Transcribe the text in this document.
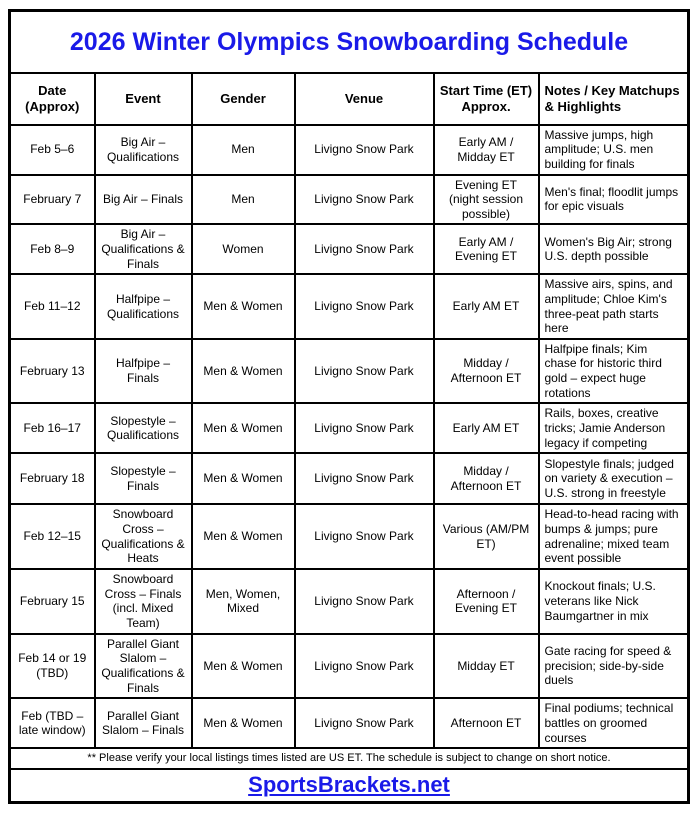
2026 Winter Olympics Snowboarding Schedule					
Date (Approx)	Event	Gender	Venue	Start Time (ET) Approx.	Notes / Key Matchups & Highlights
Feb 5–6	Big Air – Qualifications	Men	Livigno Snow Park	Early AM / Midday ET	Massive jumps, high amplitude; U.S. men building for finals
February 7	Big Air – Finals	Men	Livigno Snow Park	Evening ET (night session possible)	Men's final; floodlit jumps for epic visuals
Feb 8–9	Big Air – Qualifications & Finals	Women	Livigno Snow Park	Early AM / Evening ET	Women's Big Air; strong U.S. depth possible
Feb 11–12	Halfpipe – Qualifications	Men & Women	Livigno Snow Park	Early AM ET	Massive airs, spins, and amplitude; Chloe Kim's three-peat path starts here
February 13	Halfpipe – Finals	Men & Women	Livigno Snow Park	Midday / Afternoon ET	Halfpipe finals; Kim chase for historic third gold – expect huge rotations
Feb 16–17	Slopestyle – Qualifications	Men & Women	Livigno Snow Park	Early AM ET	Rails, boxes, creative tricks; Jamie Anderson legacy if competing
February 18	Slopestyle – Finals	Men & Women	Livigno Snow Park	Midday / Afternoon ET	Slopestyle finals; judged on variety & execution – U.S. strong in freestyle
Feb 12–15	Snowboard Cross – Qualifications & Heats	Men & Women	Livigno Snow Park	Various (AM/PM ET)	Head-to-head racing with bumps & jumps; pure adrenaline; mixed team event possible
February 15	Snowboard Cross – Finals (incl. Mixed Team)	Men, Women, Mixed	Livigno Snow Park	Afternoon / Evening ET	Knockout finals; U.S. veterans like Nick Baumgartner in mix
Feb 14 or 19 (TBD)	Parallel Giant Slalom – Qualifications & Finals	Men & Women	Livigno Snow Park	Midday ET	Gate racing for speed & precision; side-by-side duels
Feb (TBD – late window)	Parallel Giant Slalom – Finals	Men & Women	Livigno Snow Park	Afternoon ET	Final podiums; technical battles on groomed courses
** Please verify your local listings times listed are US ET. The schedule is subject to change on short notice.					
SportsBrackets.net					
